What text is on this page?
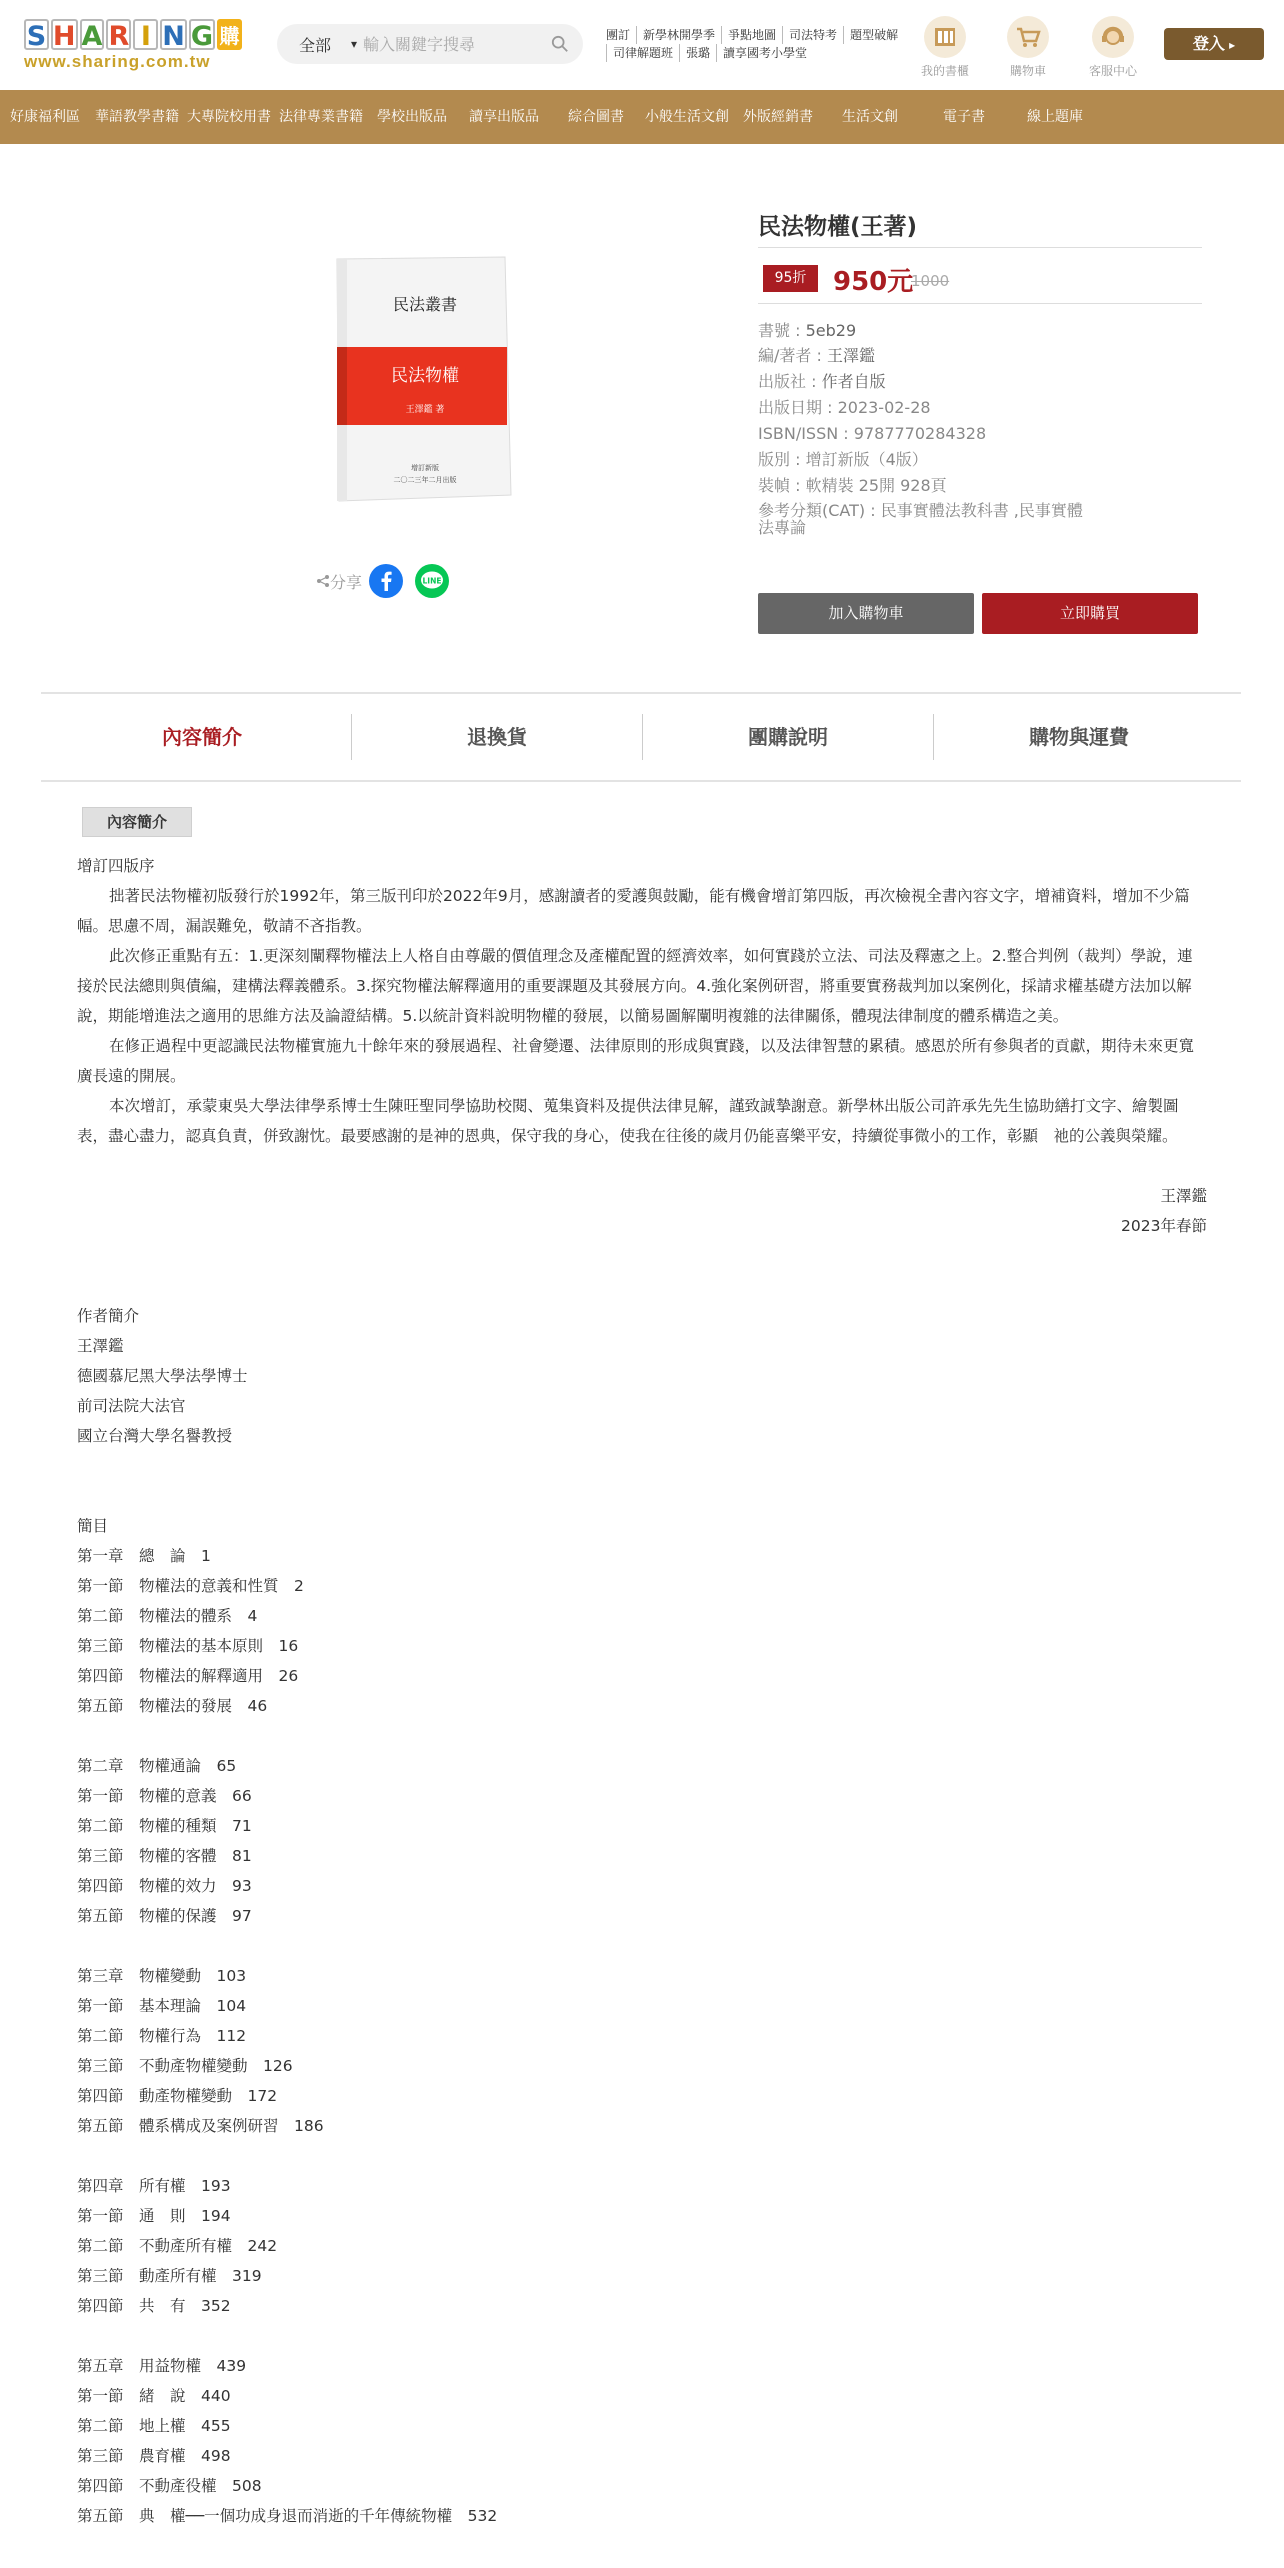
S H A R I N G 購
www.sharing.com.tw
全部	▾
輸入關鍵字搜尋
團訂 新學林開學季 爭點地圖 司法特考 題型破解
司律解題班 張璐 讀享國考小學堂
我的書櫃	購物車	客服中心
登入 ▸
好康福利區 華語教學書籍 大專院校用書 法律專業書籍 學校出版品 讀享出版品 綜合圖書 小般生活文創 外版經銷書 生活文創	電子書	線上題庫
民法叢書
民法物權
王澤鑑 著
增訂新版
二〇二三年二月出版
分享	LINE
民法物權(王著)
95折	950元
1000
書號 : 5eb29
編/著者 : 王澤鑑
出版社 : 作者自版
出版日期 : 2023-02-28
ISBN/ISSN : 9787770284328
版別 : 增訂新版（4版）
裝幀 : 軟精裝 25開 928頁
參考分類(CAT) : 民事實體法教科書 ,民事實體法專論
加入購物車	立即購買
內容簡介	退換貨	團購說明	購物與運費
內容簡介

增訂四版序

拙著民法物權初版發行於1992年，第三版刊印於2022年9月，感謝讀者的愛護與鼓勵，能有機會增訂第四版，再次檢視全書內容文字，增補資料，增加不少篇幅。思慮不周，漏誤難免，敬請不吝指教。

此次修正重點有五：1.更深刻闡釋物權法上人格自由尊嚴的價值理念及產權配置的經濟效率，如何實踐於立法、司法及釋憲之上。2.整合判例（裁判）學說，連接於民法總則與債編，建構法釋義體系。3.探究物權法解釋適用的重要課題及其發展方向。4.強化案例研習，將重要實務裁判加以案例化，採請求權基礎方法加以解說，期能增進法之適用的思維方法及論證結構。5.以統計資料說明物權的發展，以簡易圖解闡明複雜的法律關係，體現法律制度的體系構造之美。

在修正過程中更認識民法物權實施九十餘年來的發展過程、社會變遷、法律原則的形成與實踐，以及法律智慧的累積。感恩於所有參與者的貢獻，期待未來更寬廣長遠的開展。

本次增訂，承蒙東吳大學法律學系博士生陳旺聖同學協助校閱、蒐集資料及提供法律見解，謹致誠摯謝意。新學林出版公司許承先先生協助繕打文字、繪製圖表，盡心盡力，認真負責，併致謝忱。最要感謝的是神的恩典，保守我的身心，使我在往後的歲月仍能喜樂平安，持續從事微小的工作，彰顯　祂的公義與榮耀。

王澤鑑

2023年春節

作者簡介

王澤鑑

德國慕尼黑大學法學博士

前司法院大法官

國立台灣大學名譽教授

簡目

第一章　總　論　1

第一節　物權法的意義和性質　2

第二節　物權法的體系　4

第三節　物權法的基本原則　16

第四節　物權法的解釋適用　26

第五節　物權法的發展　46

第二章　物權通論　65

第一節　物權的意義　66

第二節　物權的種類　71

第三節　物權的客體　81

第四節　物權的效力　93

第五節　物權的保護　97

第三章　物權變動　103

第一節　基本理論　104

第二節　物權行為　112

第三節　不動產物權變動　126

第四節　動產物權變動　172

第五節　體系構成及案例研習　186

第四章　所有權　193

第一節　通　則　194

第二節　不動產所有權　242

第三節　動產所有權　319

第四節　共　有　352

第五章　用益物權　439

第一節　緒　說　440

第二節　地上權　455

第三節　農育權　498

第四節　不動產役權　508

第五節　典　權──一個功成身退而消逝的千年傳統物權　532
